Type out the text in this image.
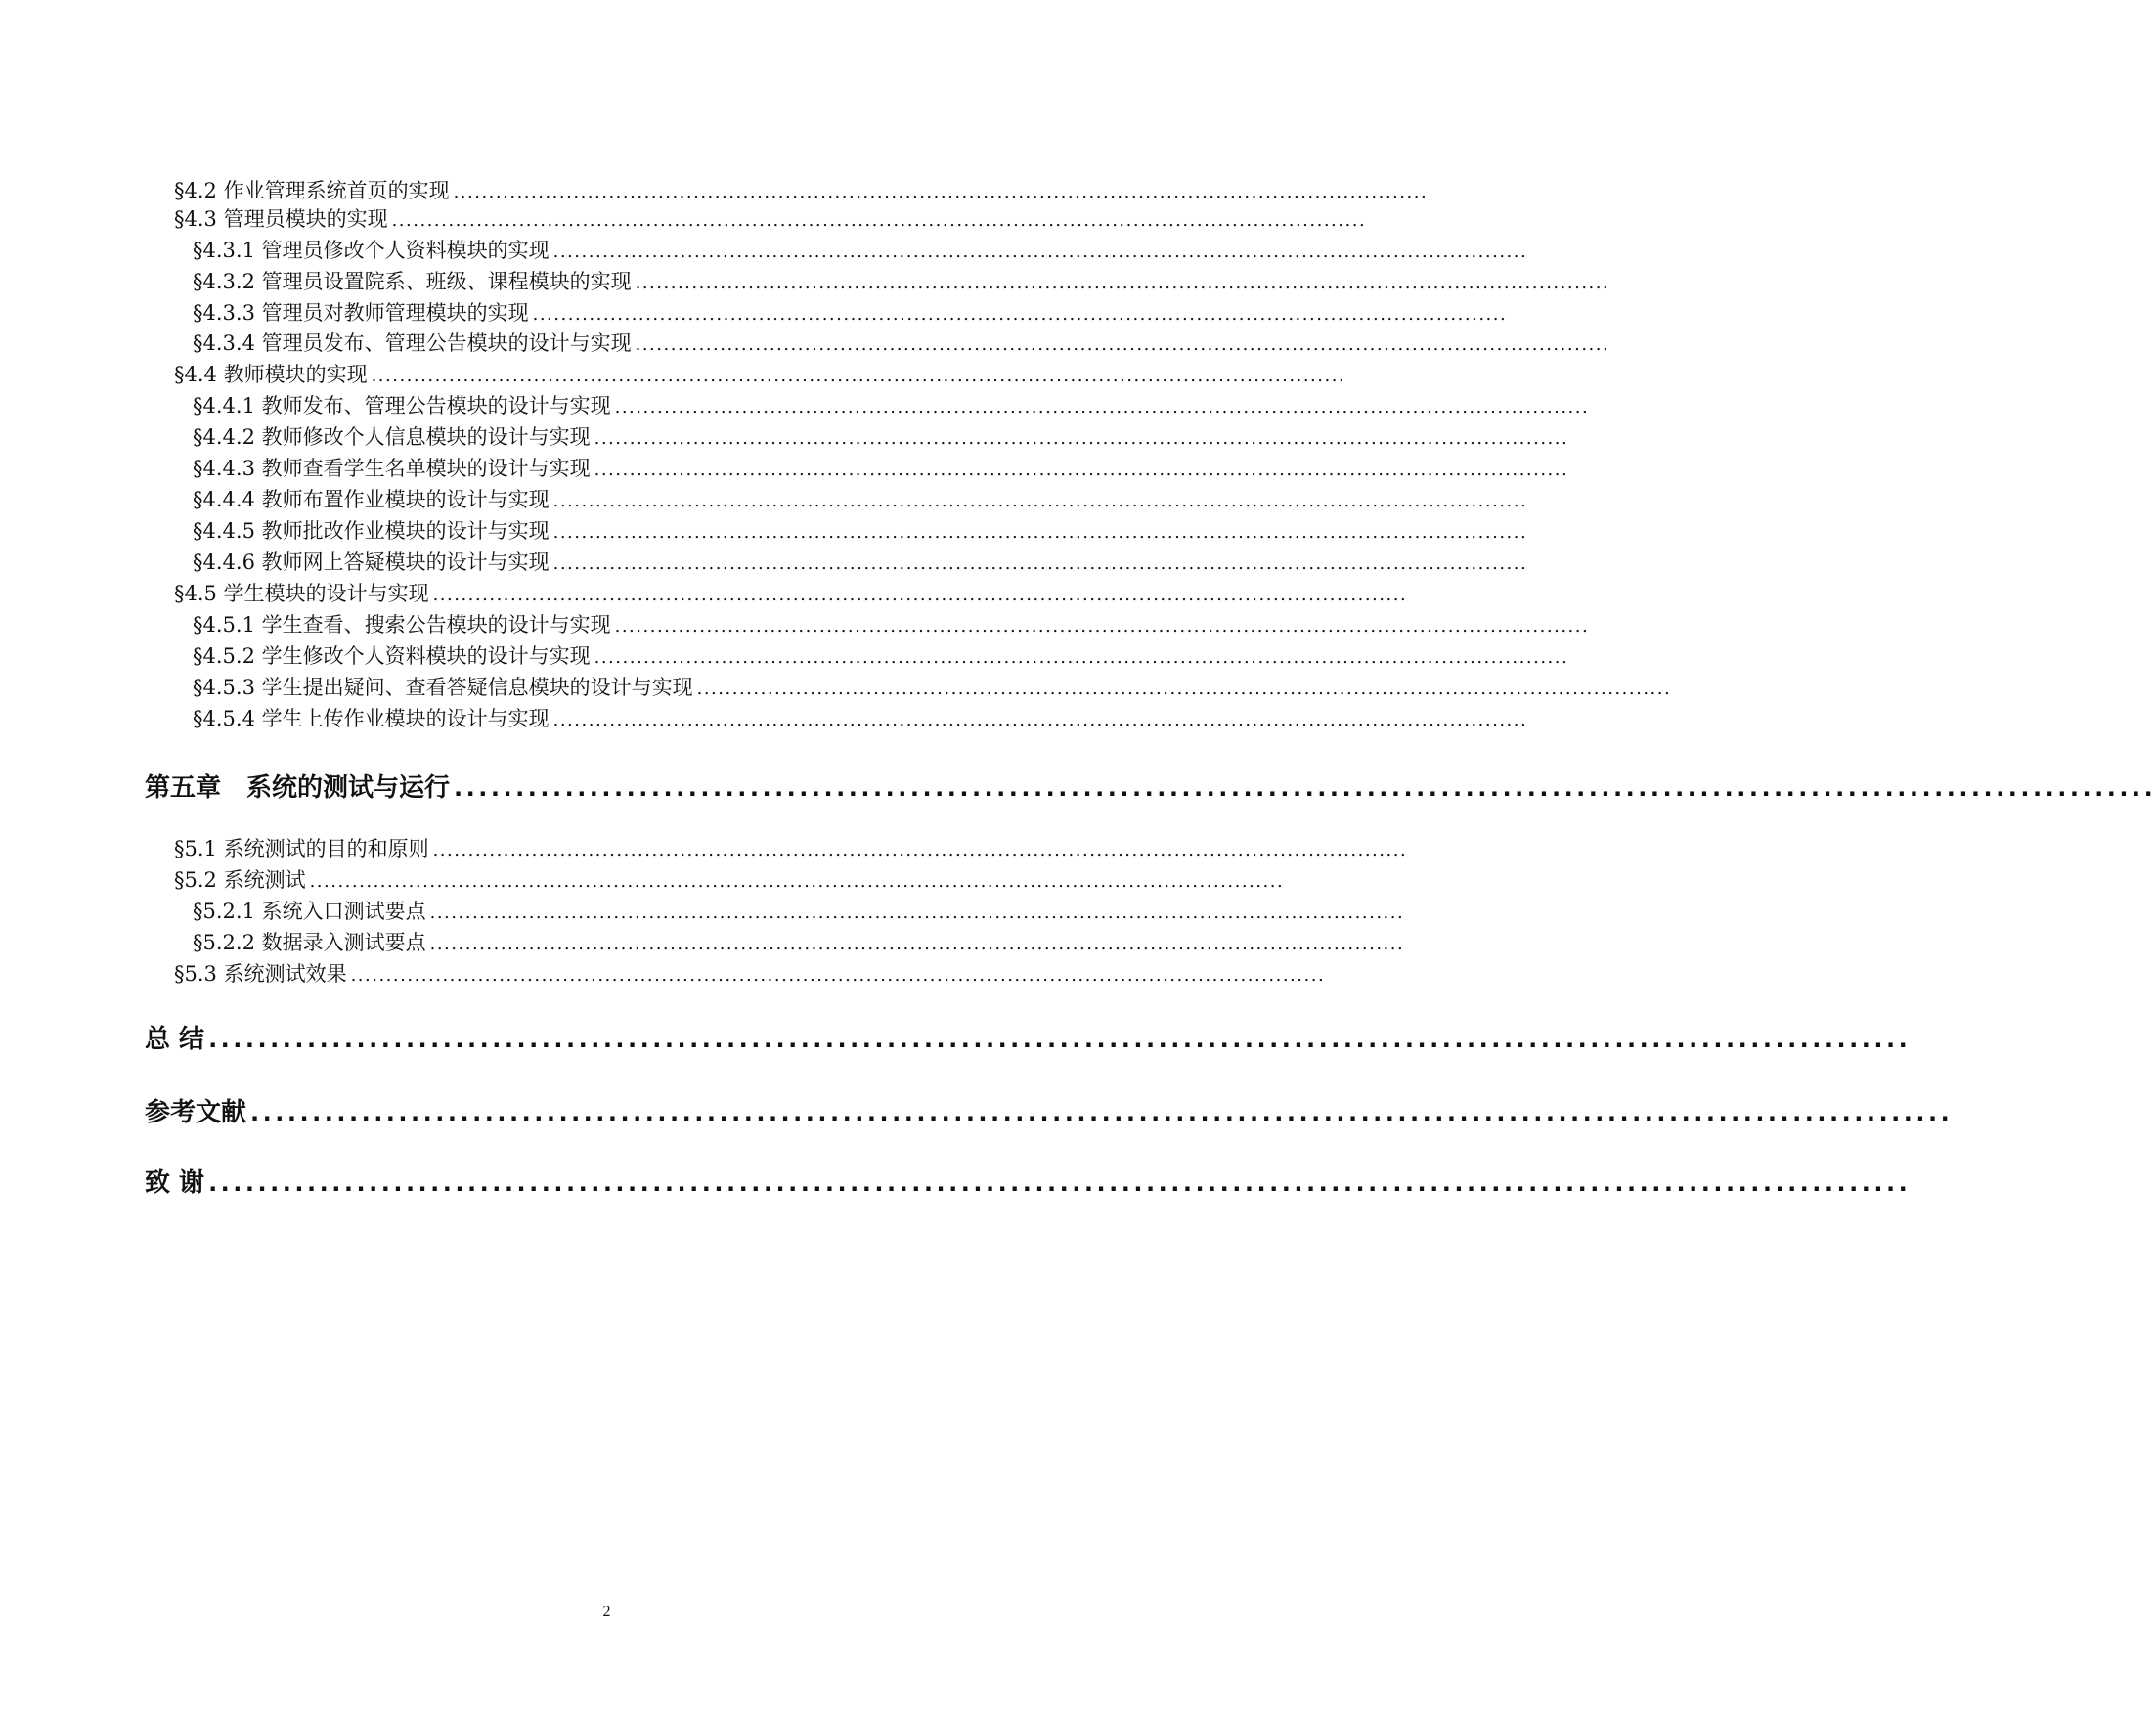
§4.2 作业管理系统首页的实现 ..........................................................................................................................................
§4.3 管理员模块的实现 ..........................................................................................................................................
§4.3.1 管理员修改个人资料模块的实现 ..........................................................................................................................................
§4.3.2 管理员设置院系、班级、课程模块的实现 ..........................................................................................................................................
§4.3.3 管理员对教师管理模块的实现 ..........................................................................................................................................
§4.3.4 管理员发布、管理公告模块的设计与实现 ..........................................................................................................................................
§4.4 教师模块的实现 ..........................................................................................................................................
§4.4.1 教师发布、管理公告模块的设计与实现 ..........................................................................................................................................
§4.4.2 教师修改个人信息模块的设计与实现 ..........................................................................................................................................
§4.4.3 教师查看学生名单模块的设计与实现 ..........................................................................................................................................
§4.4.4 教师布置作业模块的设计与实现 ..........................................................................................................................................
§4.4.5 教师批改作业模块的设计与实现 ..........................................................................................................................................
§4.4.6 教师网上答疑模块的设计与实现 ..........................................................................................................................................
§4.5 学生模块的设计与实现 ..........................................................................................................................................
§4.5.1 学生查看、搜索公告模块的设计与实现 ..........................................................................................................................................
§4.5.2 学生修改个人资料模块的设计与实现 ..........................................................................................................................................
§4.5.3 学生提出疑问、查看答疑信息模块的设计与实现 ..........................................................................................................................................
§4.5.4 学生上传作业模块的设计与实现 ..........................................................................................................................................
第五章　系统的测试与运行 ..........................................................................................................................................
§5.1 系统测试的目的和原则 ..........................................................................................................................................
§5.2 系统测试 ..........................................................................................................................................
§5.2.1 系统入口测试要点 ..........................................................................................................................................
§5.2.2 数据录入测试要点 ..........................................................................................................................................
§5.3 系统测试效果 ..........................................................................................................................................
总 结 ..........................................................................................................................................
参考文献 ..........................................................................................................................................
致 谢 ..........................................................................................................................................
2
